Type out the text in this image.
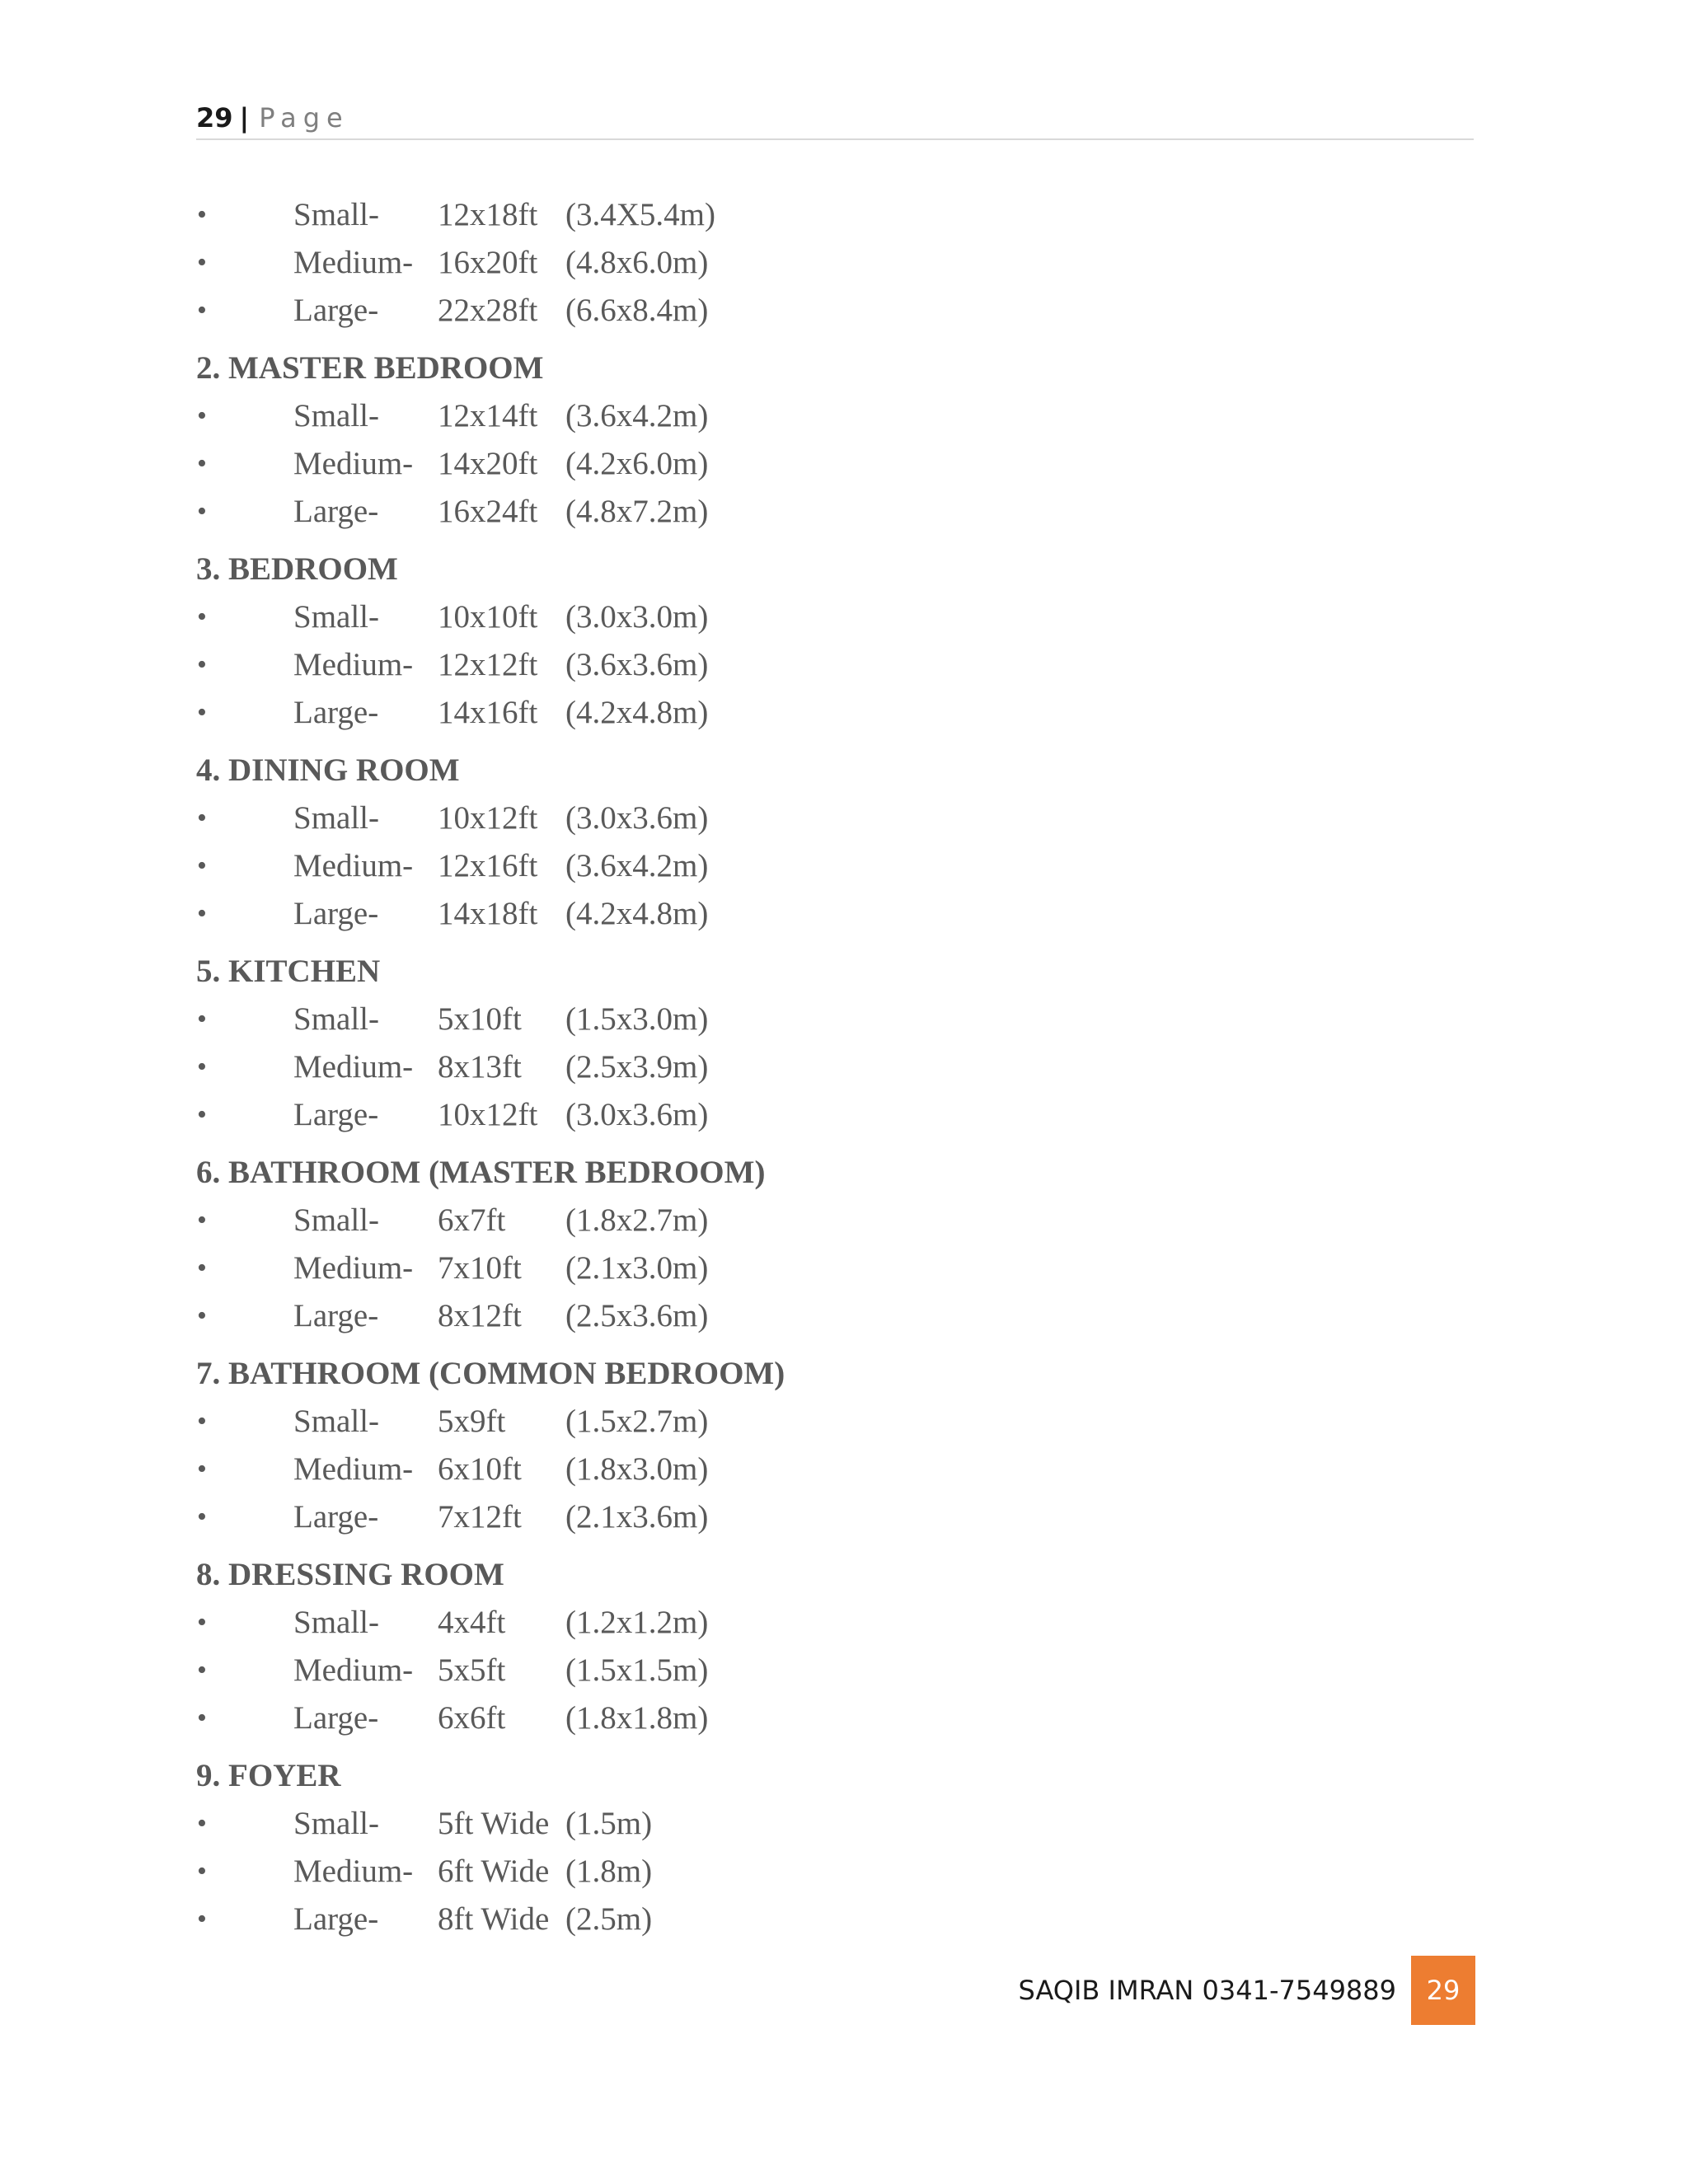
29 | Page
•	Small- 12x18ft (3.4X5.4m)
•	Medium- 16x20ft (4.8x6.0m)
•	Large- 22x28ft (6.6x8.4m)
2. MASTER BEDROOM
•	Small- 12x14ft (3.6x4.2m)
•	Medium- 14x20ft (4.2x6.0m)
•	Large- 16x24ft (4.8x7.2m)
3. BEDROOM
•	Small- 10x10ft (3.0x3.0m)
•	Medium- 12x12ft (3.6x3.6m)
•	Large- 14x16ft (4.2x4.8m)
4. DINING ROOM
•	Small- 10x12ft (3.0x3.6m)
•	Medium- 12x16ft (3.6x4.2m)
•	Large- 14x18ft (4.2x4.8m)
5. KITCHEN
•	Small- 5x10ft (1.5x3.0m)
•	Medium- 8x13ft (2.5x3.9m)
•	Large- 10x12ft (3.0x3.6m)
6. BATHROOM (MASTER BEDROOM)
•	Small- 6x7ft (1.8x2.7m)
•	Medium- 7x10ft (2.1x3.0m)
•	Large- 8x12ft (2.5x3.6m)
7. BATHROOM (COMMON BEDROOM)
•	Small- 5x9ft (1.5x2.7m)
•	Medium- 6x10ft (1.8x3.0m)
•	Large- 7x12ft (2.1x3.6m)
8. DRESSING ROOM
•	Small- 4x4ft (1.2x1.2m)
•	Medium- 5x5ft (1.5x1.5m)
•	Large- 6x6ft (1.8x1.8m)
9. FOYER
•	Small- 5ft Wide (1.5m)
•	Medium- 6ft Wide (1.8m)
•	Large- 8ft Wide (2.5m)
SAQIB IMRAN 0341-7549889	29
